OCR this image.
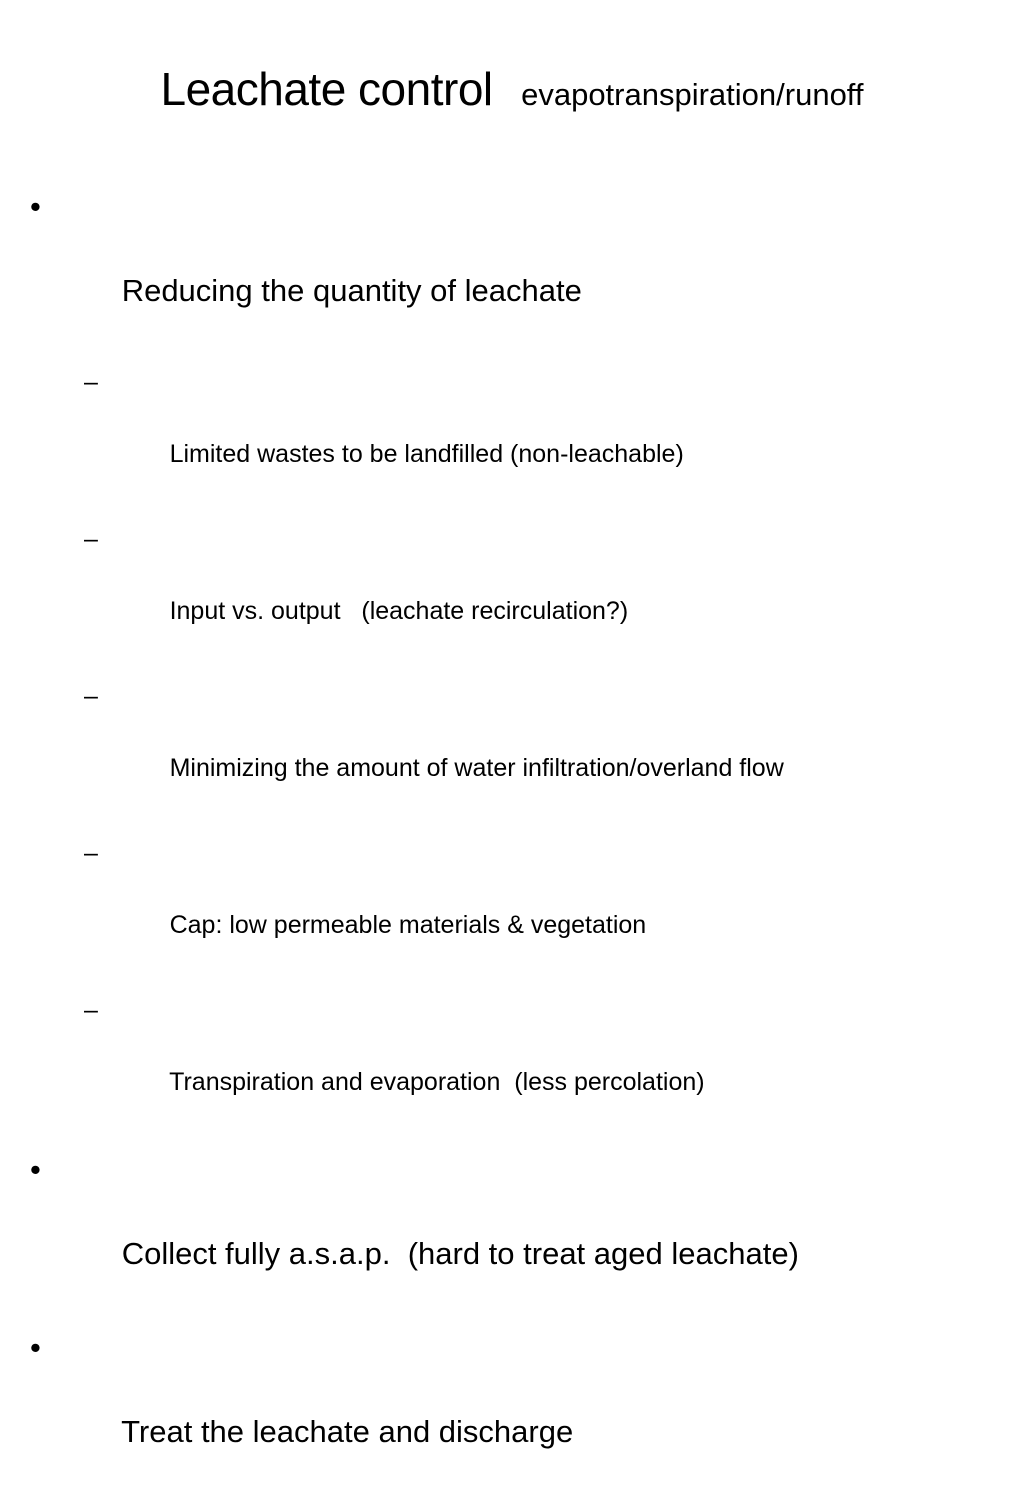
Leachate control evapotranspiration/runoff

•

Reducing the quantity of leachate

–

Limited wastes to be landfilled (non-leachable)

–

Input vs. output   (leachate recirculation?)

–

Minimizing the amount of water infiltration/overland flow

–

Cap: low permeable materials & vegetation

–

Transpiration and evaporation  (less percolation)

•

Collect fully a.s.a.p.  (hard to treat aged leachate)

•

Treat the leachate and discharge
